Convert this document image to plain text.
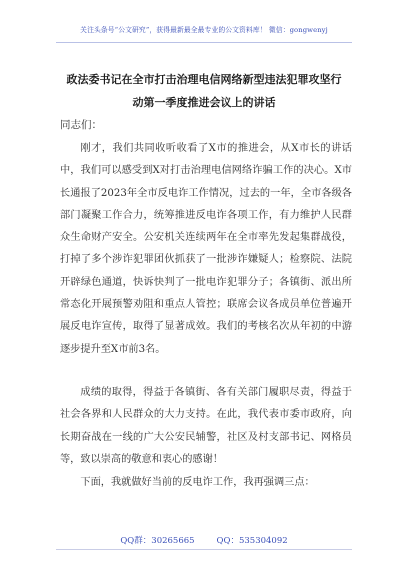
关注头条号“公文研究”，获得最新最全最专业的公文资料库！ 微信：gongwenyj
政法委书记在全市打击治理电信网络新型违法犯罪攻坚行
动第一季度推进会议上的讲话
同志们：

刚才，我们共同收听收看了X市的推进会，从X市长的讲话中，我们可以感受到X对打击治理电信网络诈骗工作的决心。X市长通报了2023年全市反电诈工作情况，过去的一年，全市各级各部门凝聚工作合力，统筹推进反电诈各项工作，有力维护人民群众生命财产安全。公安机关连续两年在全市率先发起集群战役，打掉了多个涉诈犯罪团伙抓获了一批涉诈嫌疑人；检察院、法院开辟绿色通道，快诉快判了一批电诈犯罪分子；各镇街、派出所常态化开展预警劝阻和重点人管控；联席会议各成员单位普遍开展反电诈宣传，取得了显著成效。我们的考核名次从年初的中游逐步提升至X市前3名。

成绩的取得，得益于各镇街、各有关部门履职尽责，得益于社会各界和人民群众的大力支持。在此，我代表市委市政府，向长期奋战在一线的广大公安民辅警，社区及村支部书记、网格员等，致以崇高的敬意和衷心的感谢！

下面，我就做好当前的反电诈工作，我再强调三点：

QQ群：30265665	QQ：535304092
